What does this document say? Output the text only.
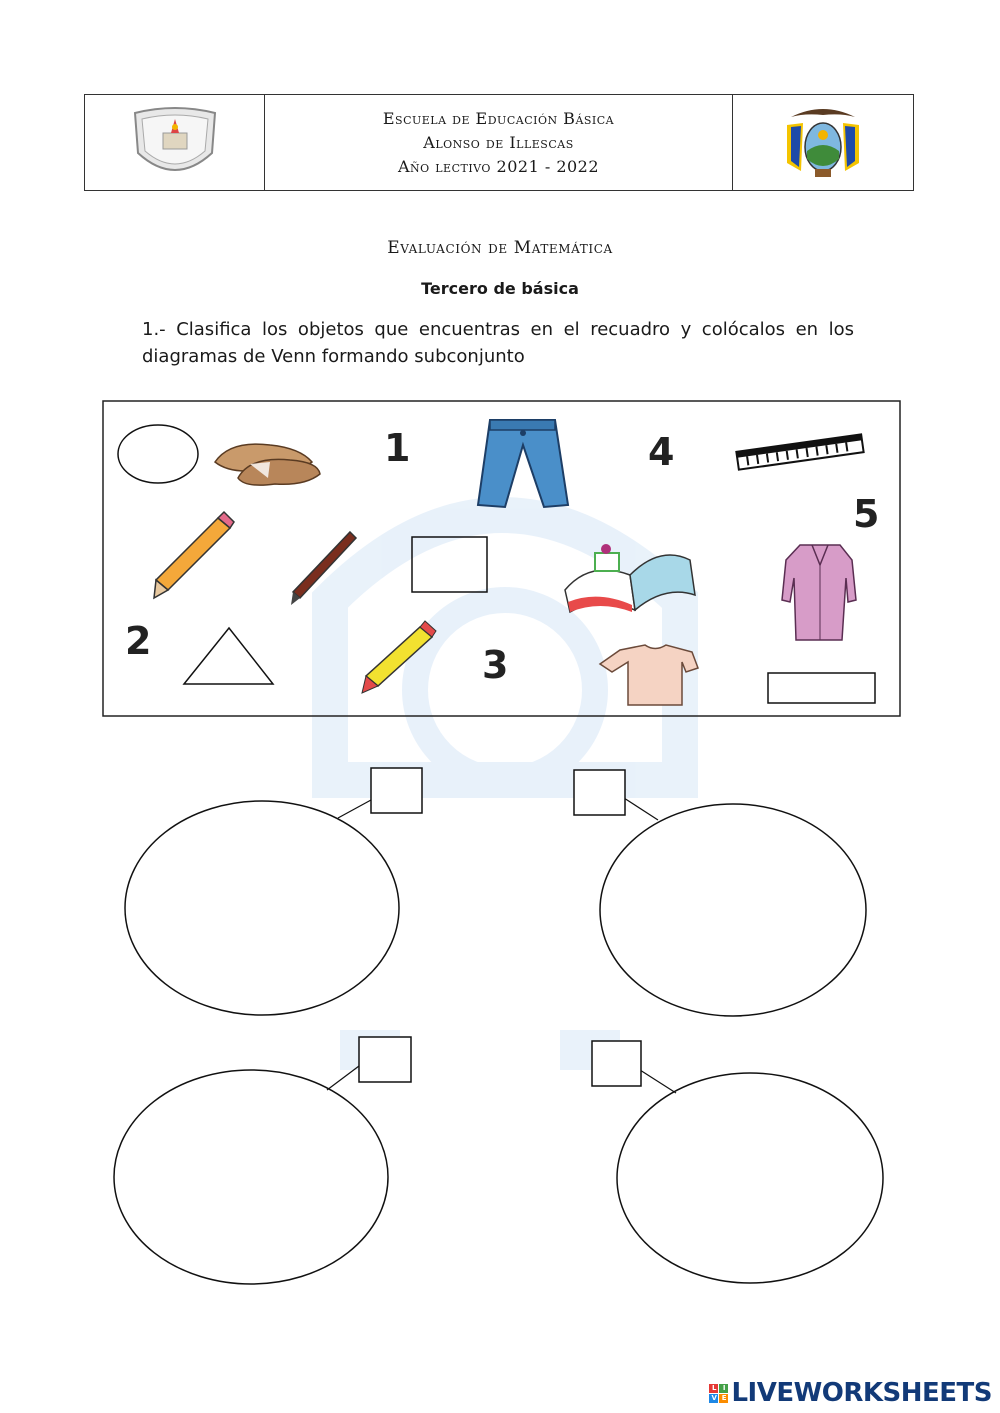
Escuela de Educación Básica
Alonso de Illescas
Año lectivo 2021 - 2022
Evaluación de Matemática
Tercero de básica
1.- Clasifica los objetos que encuentras en el recuadro y colócalos en los diagramas de Venn formando subconjunto
1	4
5
2
3
L I
V E LIVEWORKSHEETS
